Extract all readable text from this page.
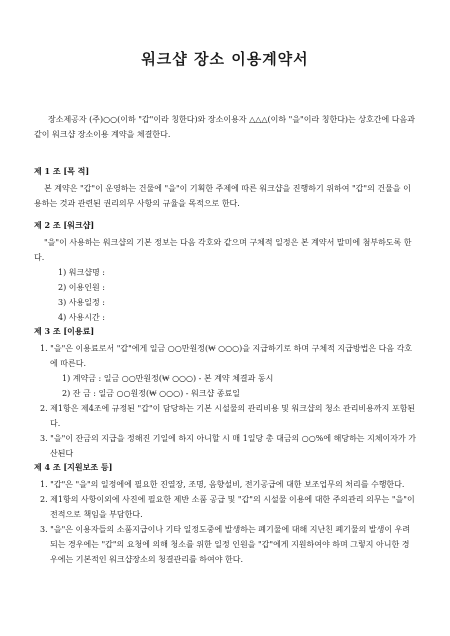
워크샵 장소 이용계약서
장소제공자 (주)○○(이하 "갑"이라 칭한다)와 장소이용자 △△△(이하 "을"이라 칭한다)는 상호간에 다음과 같이 워크샵 장소이용 계약을 체결한다.
제 1 조 [목 적]
본 계약은 "갑"이 운영하는 건물에 "을"이 기획한 주제에 따른 워크샵을 진행하기 위하여 "갑"의 건물을 이용하는 것과 관련된 권리의무 사항의 규율을 목적으로 한다.
제 2 조 [워크샵]
"을"이 사용하는 워크샵의 기본 정보는 다음 각호와 같으며 구체적 일정은 본 계약서 말미에 첨부하도록 한다.
1) 워크샵명 :
2) 이용인원 :
3) 사용일정 :
4) 사용시간 :
제 3 조 [이용료]
1. "을"은 이용료로서 "갑"에게 일금 ○○만원정(₩ ○○○)을 지급하기로 하며 구체적 지급방법은 다음 각호에 따른다.
1) 계약금 : 일금 ○○만원정(₩ ○○○) - 본 계약 체결과 동시
2) 잔 금 : 일금 ○○원정(₩ ○○○) - 워크샵 종료일
2. 제1항은 제4조에 규정된 "갑"이 담당하는 기본 시설물의 관리비용 및 워크샵의 청소 관리비용까지 포함된다.
3. "을"이 잔금의 지급을 정해진 기일에 하지 아니할 시 매 1일당 총 대금의 ○○%에 해당하는 지체이자가 가산된다
제 4 조 [지원보조 등]
1. "갑"은 "을"의 일정에에 필요한 진열장, 조명, 음향설비, 전기공급에 대한 보조업무의 처리를 수행한다.
2. 제1항의 사항이외에 사진에 필요한 제반 소품 공급 및 "갑"의 시설물 이용에 대한 주의관리 의무는 "을"이 전적으로 책임을 부담한다.
3. "을"은 이용자들의 소품지급이나 기타 일정도중에 발생하는 폐기물에 대해 지난친 폐기물의 발생이 우려되는 경우에는 "갑"의 요청에 의해 청소를 위한 일정 인원을 "갑"에게 지원하여야 하며 그렇지 아니한 경우에는 기본적인 워크샵장소의 청결관리를 하여야 한다.
